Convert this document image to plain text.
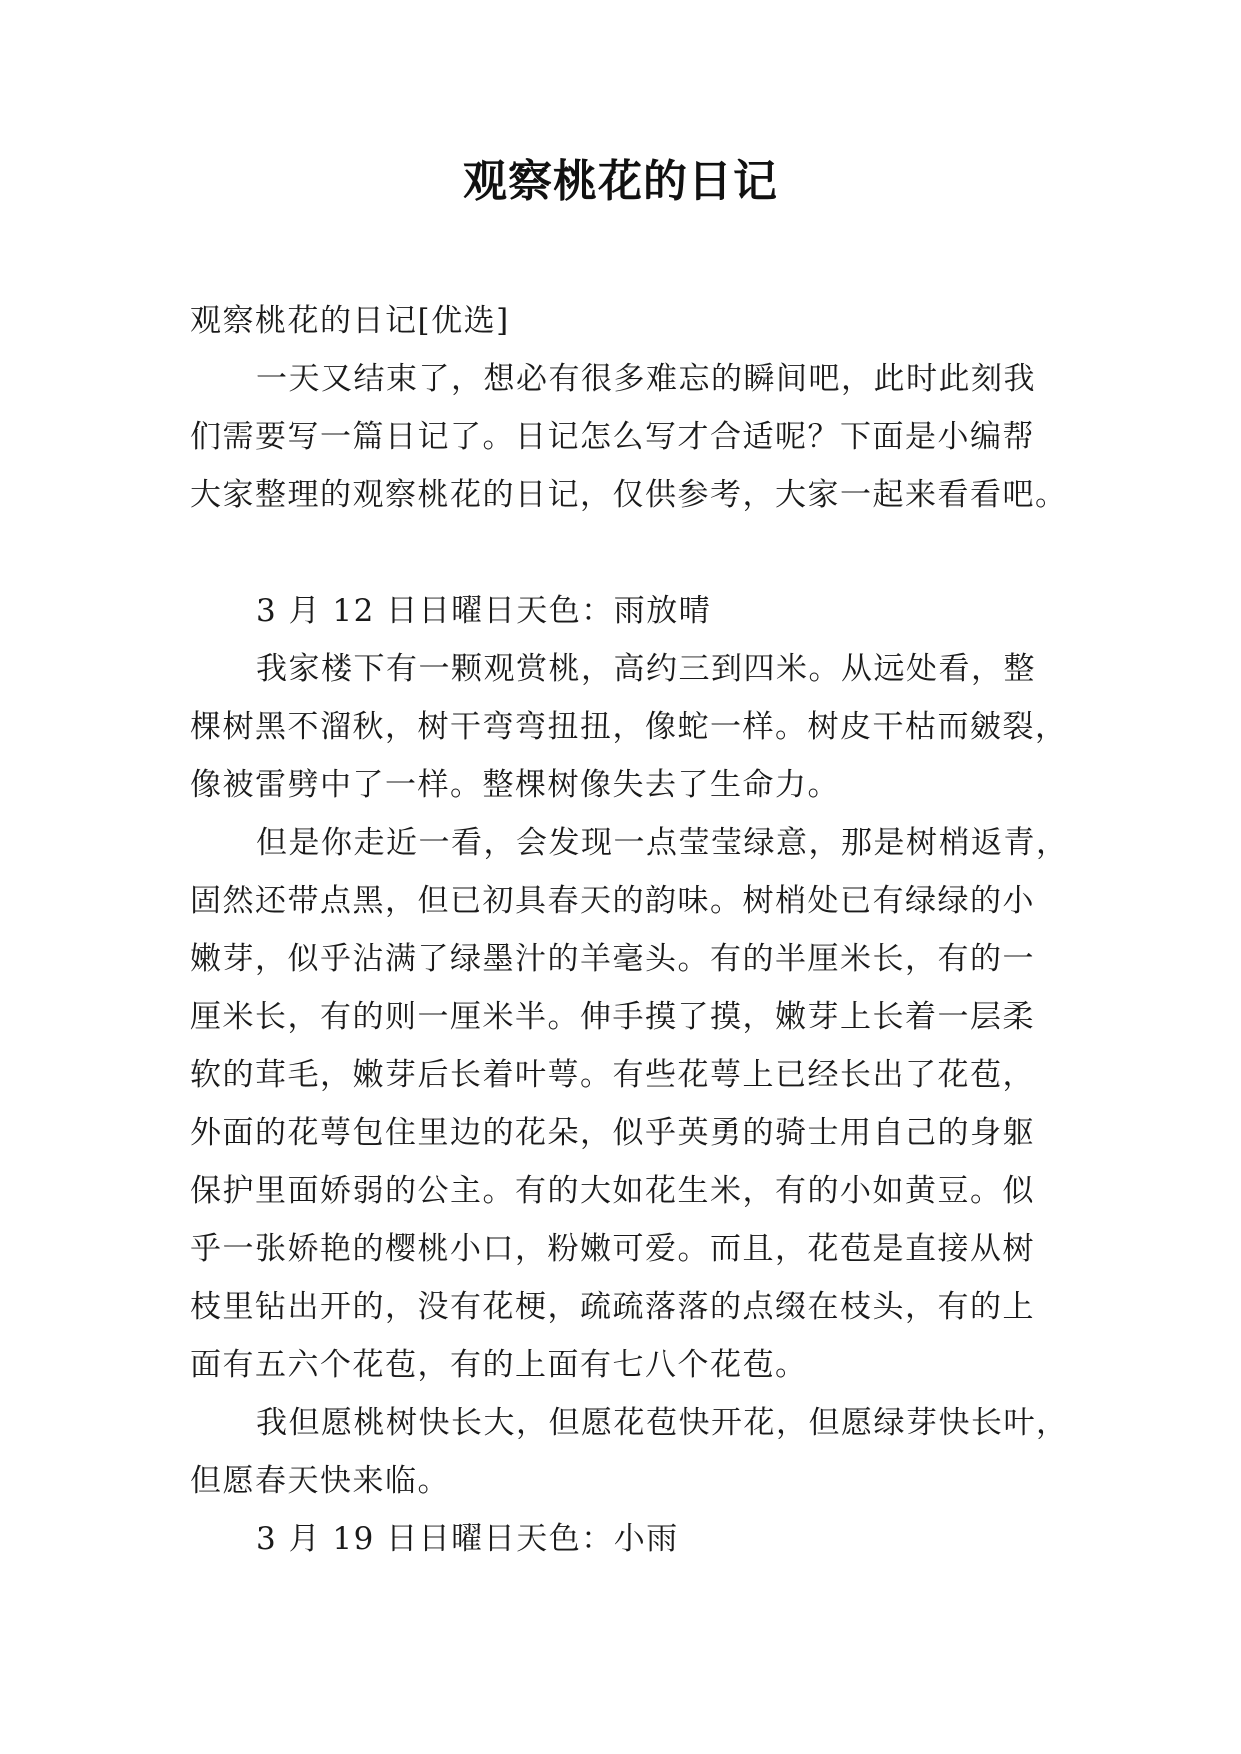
观察桃花的日记
观察桃花的日记[优选]
一天又结束了，想必有很多难忘的瞬间吧，此时此刻我
们需要写一篇日记了。日记怎么写才合适呢？下面是小编帮
大家整理的观察桃花的日记，仅供参考，大家一起来看看吧。
3 月 12 日日曜日天色：雨放晴
我家楼下有一颗观赏桃，高约三到四米。从远处看，整
棵树黑不溜秋，树干弯弯扭扭，像蛇一样。树皮干枯而皴裂，
像被雷劈中了一样。整棵树像失去了生命力。
但是你走近一看，会发现一点莹莹绿意，那是树梢返青，
固然还带点黑，但已初具春天的韵味。树梢处已有绿绿的小
嫩芽，似乎沾满了绿墨汁的羊毫头。有的半厘米长，有的一
厘米长，有的则一厘米半。伸手摸了摸，嫩芽上长着一层柔
软的茸毛，嫩芽后长着叶萼。有些花萼上已经长出了花苞，
外面的花萼包住里边的花朵，似乎英勇的骑士用自己的身躯
保护里面娇弱的公主。有的大如花生米，有的小如黄豆。似
乎一张娇艳的樱桃小口，粉嫩可爱。而且，花苞是直接从树
枝里钻出开的，没有花梗，疏疏落落的点缀在枝头，有的上
面有五六个花苞，有的上面有七八个花苞。
我但愿桃树快长大，但愿花苞快开花，但愿绿芽快长叶，
但愿春天快来临。
3 月 19 日日曜日天色：小雨
